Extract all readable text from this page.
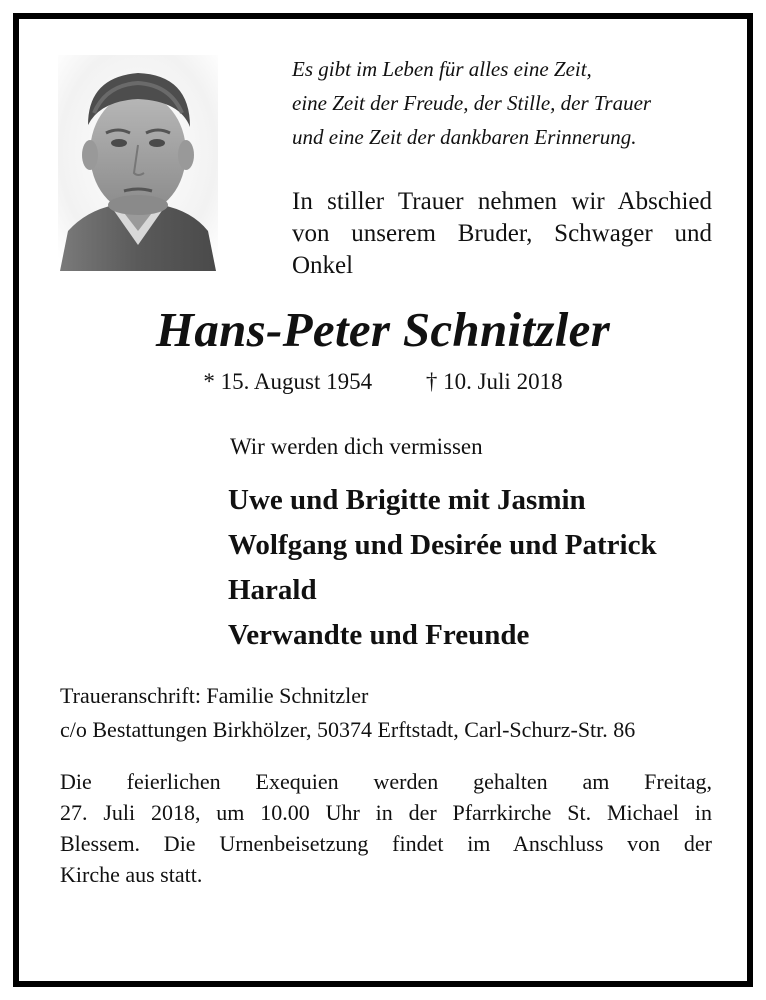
Es gibt im Leben für alles eine Zeit,
eine Zeit der Freude, der Stille, der Trauer
und eine Zeit der dankbaren Erinnerung.
In stiller Trauer nehmen wir Abschied von unserem Bruder, Schwager und Onkel
Hans-Peter Schnitzler
* 15. August 1954 † 10. Juli 2018
Wir werden dich vermissen
Uwe und Brigitte mit Jasmin
Wolfgang und Desirée und Patrick
Harald
Verwandte und Freunde
Traueranschrift: Familie Schnitzler
c/o Bestattungen Birkhölzer, 50374 Erftstadt, Carl-Schurz-Str. 86
Die feierlichen Exequien werden gehalten am Freitag,
27. Juli 2018, um 10.00 Uhr in der Pfarrkirche St. Michael in
Blessem. Die Urnenbeisetzung findet im Anschluss von der
Kirche aus statt.
